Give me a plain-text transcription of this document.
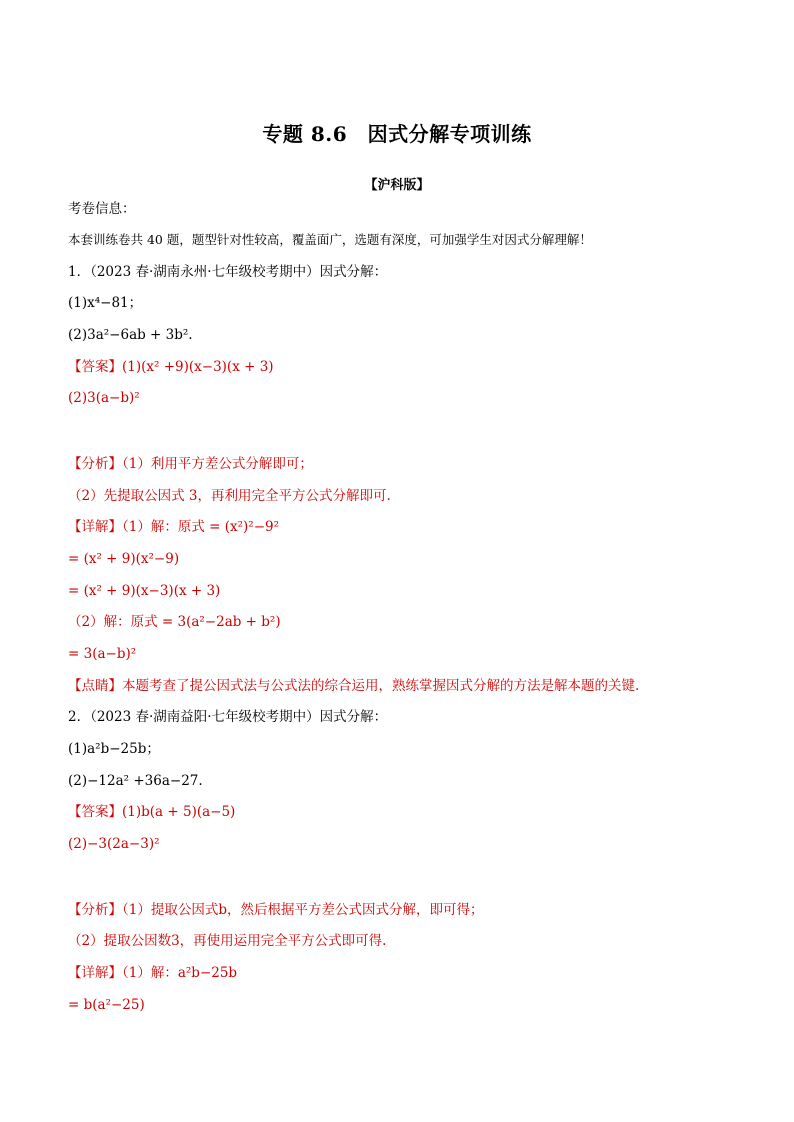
专题 8.6　因式分解专项训练
【沪科版】
考卷信息：
本套训练卷共 40 题，题型针对性较高，覆盖面广，选题有深度，可加强学生对因式分解理解！
1．（2023 春·湖南永州·七年级校考期中）因式分解：
(1)x⁴−81；
(2)3a²−6ab + 3b².
【答案】(1)(x² +9)(x−3)(x + 3)
(2)3(a−b)²
【分析】（1）利用平方差公式分解即可；
（2）先提取公因式 3，再利用完全平方公式分解即可.
【详解】（1）解：原式 = (x²)²−9²
= (x² + 9)(x²−9)
= (x² + 9)(x−3)(x + 3)
（2）解：原式 = 3(a²−2ab + b²)
= 3(a−b)²
【点睛】本题考查了提公因式法与公式法的综合运用，熟练掌握因式分解的方法是解本题的关键.
2．（2023 春·湖南益阳·七年级校考期中）因式分解：
(1)a²b−25b；
(2)−12a² +36a−27.
【答案】(1)b(a + 5)(a−5)
(2)−3(2a−3)²
【分析】（1）提取公因式b，然后根据平方差公式因式分解，即可得；
（2）提取公因数3，再使用运用完全平方公式即可得.
【详解】（1）解：a²b−25b
= b(a²−25)
